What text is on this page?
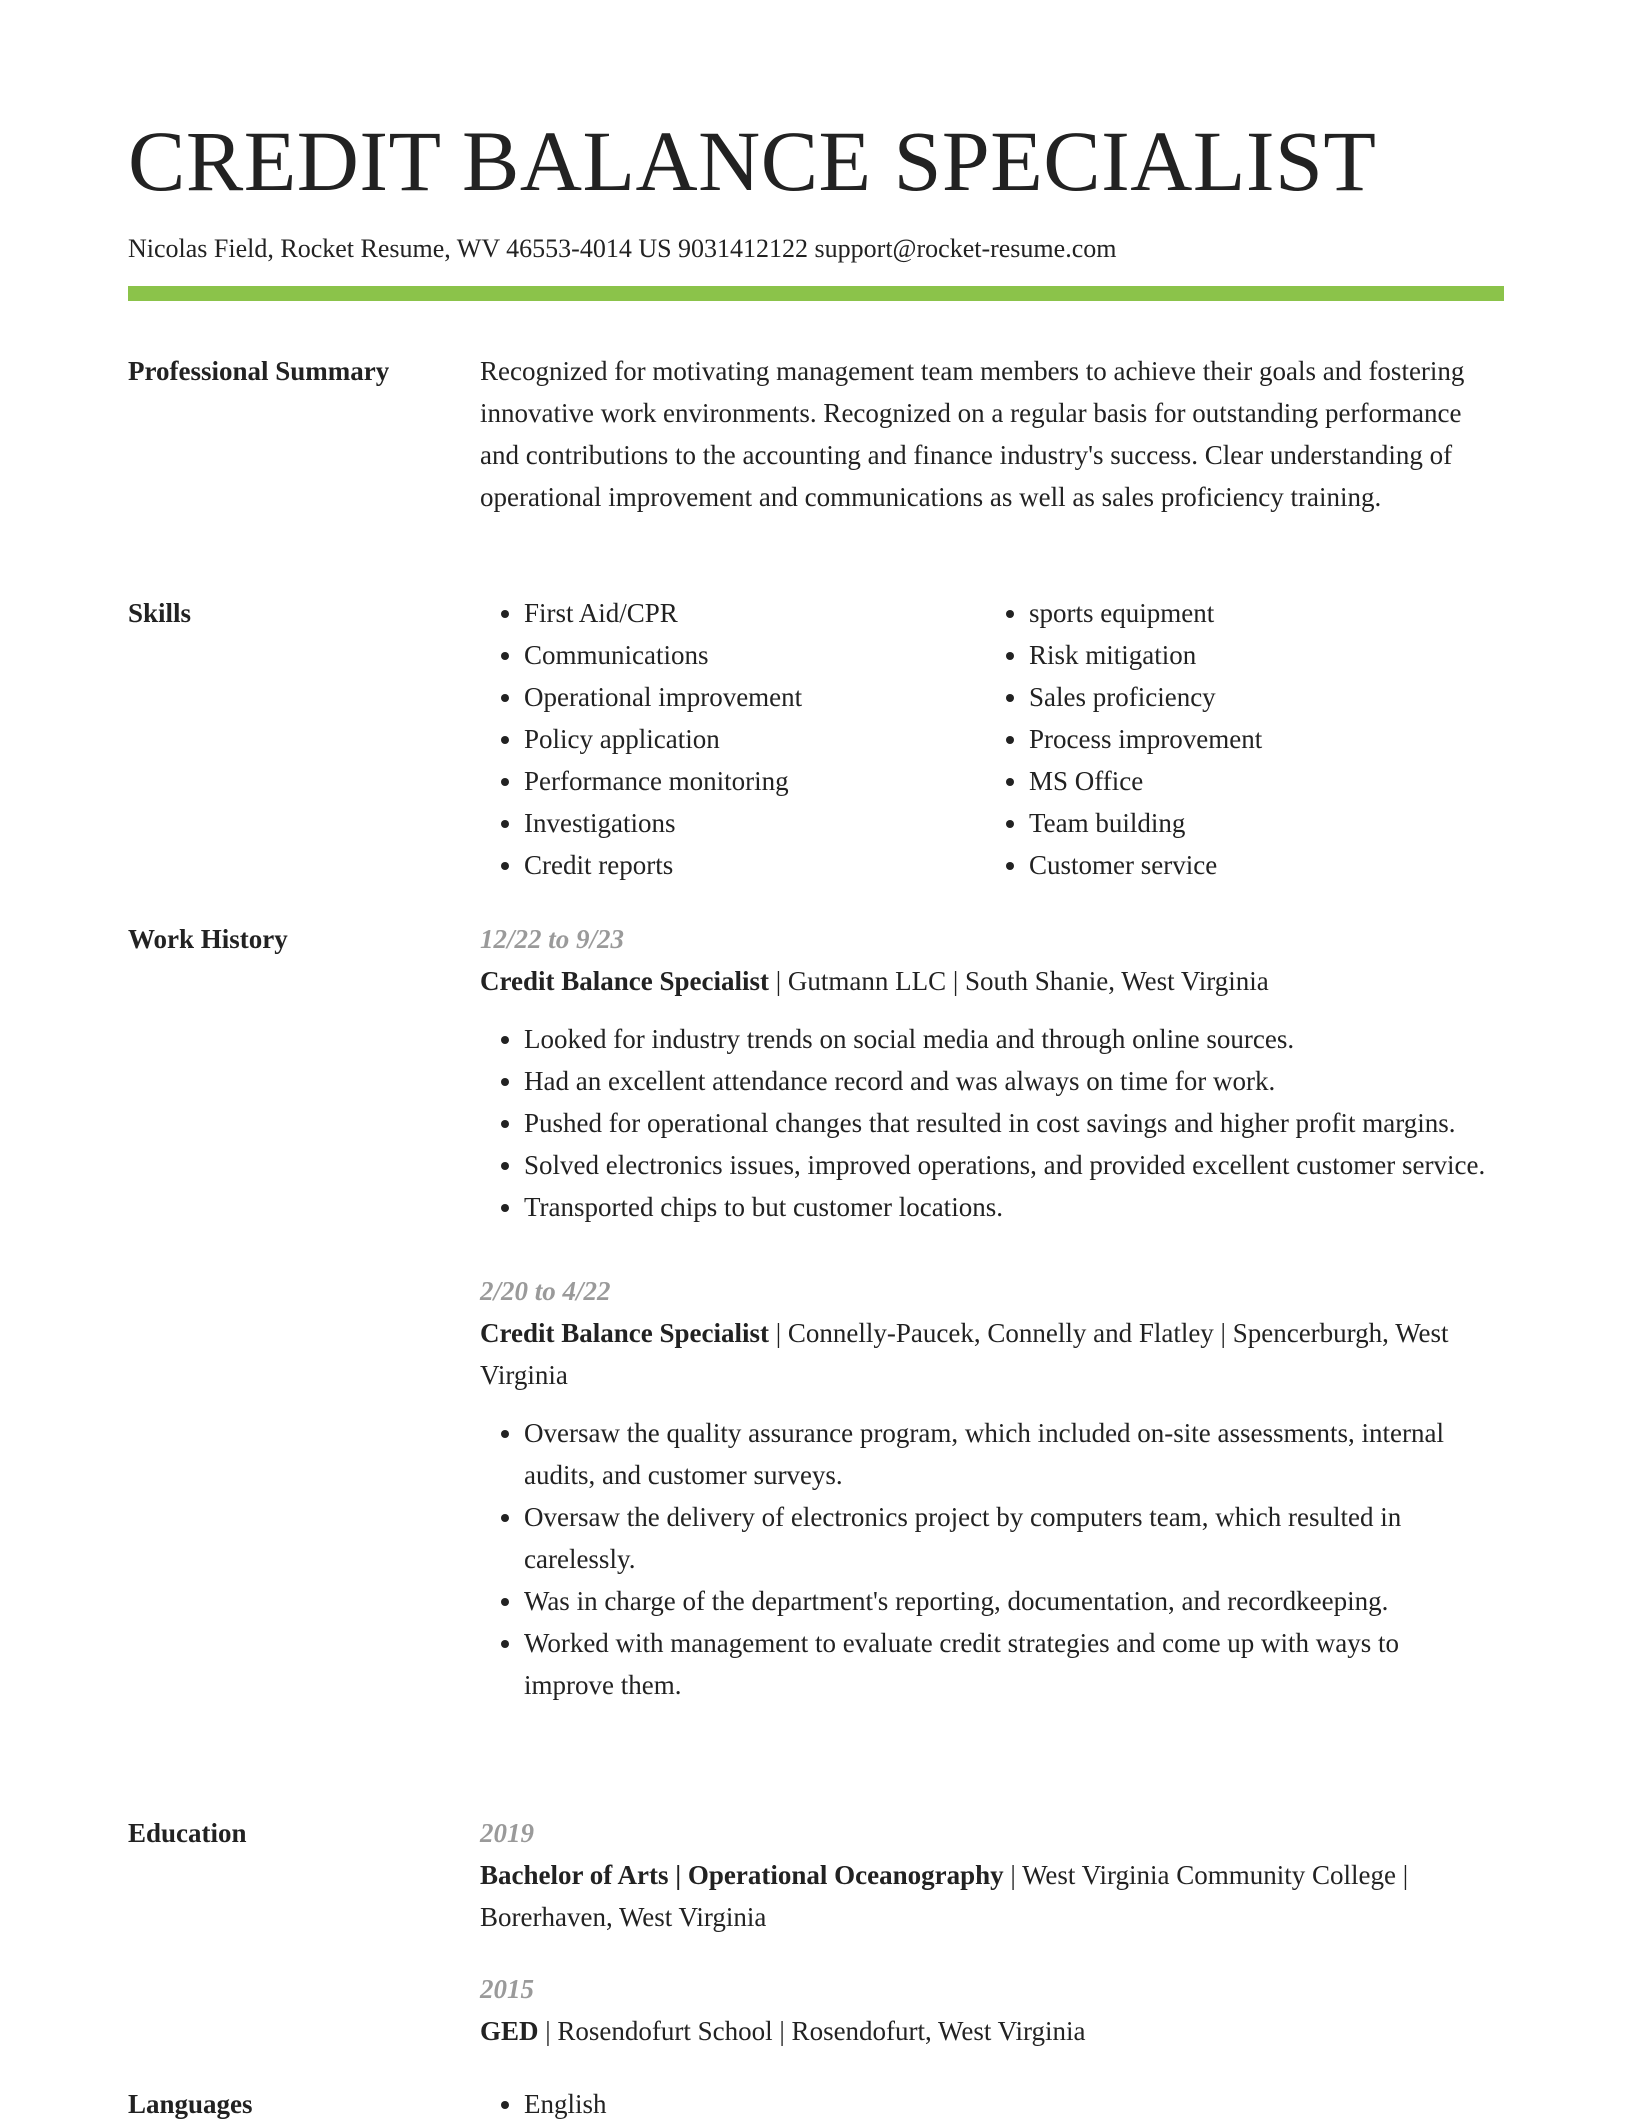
CREDIT BALANCE SPECIALIST
Nicolas Field, Rocket Resume, WV 46553-4014 US 9031412122 support@rocket-resume.com
Professional Summary	Recognized for motivating management team members to achieve their goals and fostering innovative work environments. Recognized on a regular basis for outstanding performance and contributions to the accounting and finance industry's success. Clear understanding of operational improvement and communications as well as sales proficiency training.

Skills	• First Aid/CPR
• Communications
• Operational improvement
• Policy application
• Performance monitoring
• Investigations
• Credit reports
• sports equipment
• Risk mitigation
• Sales proficiency
• Process improvement
• MS Office
• Team building
• Customer service
Work History	12/22 to 9/23
Credit Balance Specialist | Gutmann LLC | South Shanie, West Virginia
• Looked for industry trends on social media and through online sources.
• Had an excellent attendance record and was always on time for work.
• Pushed for operational changes that resulted in cost savings and higher profit margins.
• Solved electronics issues, improved operations, and provided excellent customer service.
• Transported chips to but customer locations.
2/20 to 4/22
Credit Balance Specialist | Connelly-Paucek, Connelly and Flatley | Spencerburgh, West Virginia
• Oversaw the quality assurance program, which included on-site assessments, internal audits, and customer surveys.
• Oversaw the delivery of electronics project by computers team, which resulted in carelessly.
• Was in charge of the department's reporting, documentation, and recordkeeping.
• Worked with management to evaluate credit strategies and come up with ways to improve them.
Education	2019
Bachelor of Arts | Operational Oceanography | West Virginia Community College | Borerhaven, West Virginia
2015
GED | Rosendofurt School | Rosendofurt, West Virginia
Languages	• English
